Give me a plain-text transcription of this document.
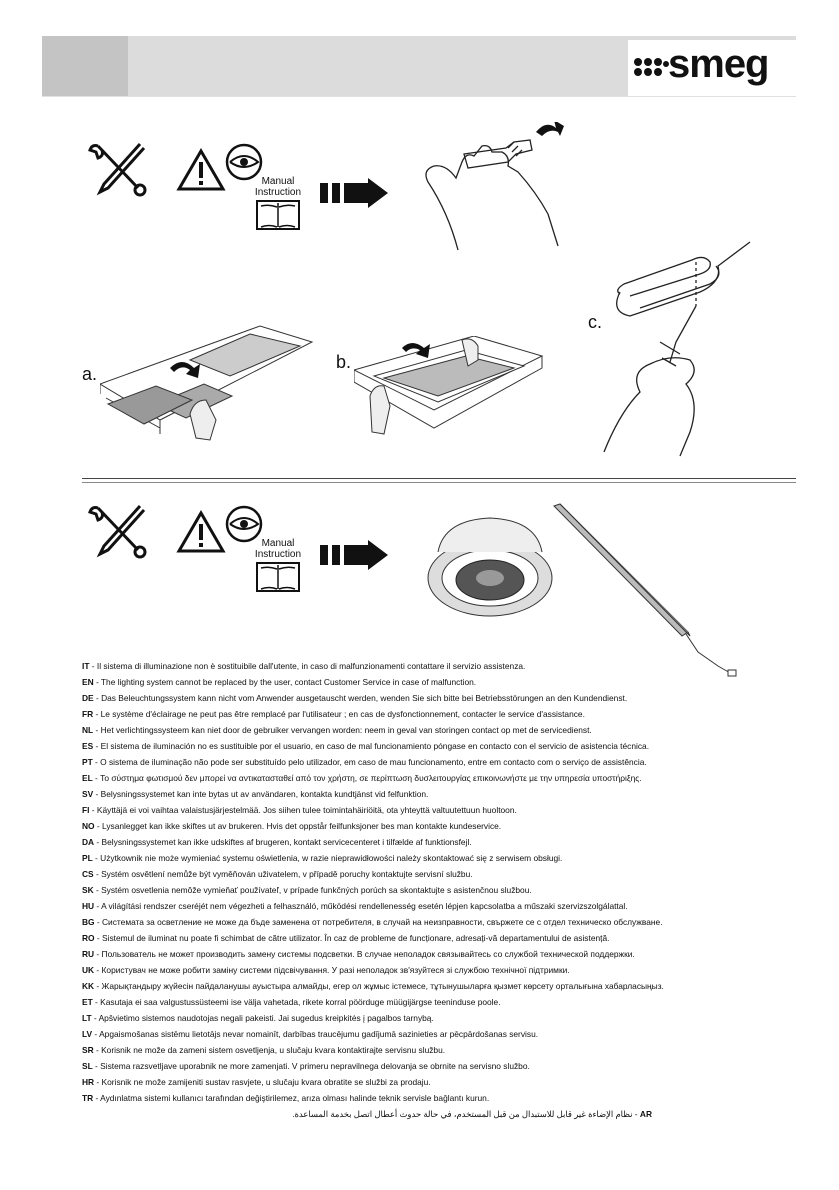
smeg
Manual
Instruction
c.
a.
b.
Manual
Instruction
IT - Il sistema di illuminazione non è sostituibile dall'utente, in caso di malfunzionamenti contattare il servizio assistenza.
EN - The lighting system cannot be replaced by the user, contact Customer Service in case of malfunction.
DE - Das Beleuchtungssystem kann nicht vom Anwender ausgetauscht werden, wenden Sie sich bitte bei Betriebsstörungen an den Kundendienst.
FR - Le système d'éclairage ne peut pas être remplacé par l'utilisateur ; en cas de dysfonctionnement, contacter le service d'assistance.
NL - Het verlichtingssysteem kan niet door de gebruiker vervangen worden: neem in geval van storingen contact op met de servicedienst.
ES - El sistema de iluminación no es sustituible por el usuario, en caso de mal funcionamiento póngase en contacto con el servicio de asistencia técnica.
PT - O sistema de iluminação não pode ser substituído pelo utilizador, em caso de mau funcionamento, entre em contacto com o serviço de assistência.
EL - Το σύστημα φωτισμού δεν μπορεί να αντικατασταθεί από τον χρήστη, σε περίπτωση δυσλειτουργίας επικοινωνήστε με την υπηρεσία υποστήριξης.
SV - Belysningssystemet kan inte bytas ut av användaren, kontakta kundtjänst vid felfunktion.
FI - Käyttäjä ei voi vaihtaa valaistusjärjestelmää. Jos siihen tulee toimintahäiriöitä, ota yhteyttä valtuutettuun huoltoon.
NO - Lysanlegget kan ikke skiftes ut av brukeren. Hvis det oppstår feilfunksjoner bes man kontakte kundeservice.
DA - Belysningssystemet kan ikke udskiftes af brugeren, kontakt servicecenteret i tilfælde af funktionsfejl.
PL - Użytkownik nie może wymieniać systemu oświetlenia, w razie nieprawidłowości należy skontaktować się z serwisem obsługi.
CS - Systém osvětlení nemůže být vyměňován uživatelem, v případě poruchy kontaktujte servisní službu.
SK - Systém osvetlenia nemôže vymieňať používateľ, v prípade funkčných porúch sa skontaktujte s asistenčnou službou.
HU - A világítási rendszer cseréjét nem végezheti a felhasználó, működési rendellenesség esetén lépjen kapcsolatba a műszaki szervizszolgálattal.
BG - Системата за осветление не може да бъде заменена от потребителя, в случай на неизправности, свържете се с отдел техническо обслужване.
RO - Sistemul de iluminat nu poate fi schimbat de către utilizator. În caz de probleme de funcționare, adresați-vă departamentului de asistență.
RU - Пользователь не может производить замену системы подсветки. В случае неполадок связывайтесь со службой технической поддержки.
UK - Користувач не може робити заміну системи підсвічування. У разі неполадок зв'язуйтеся зі службою технічної підтримки.
KK - Жарықтандыру жүйесін пайдаланушы ауыстыра алмайды, егер ол жұмыс істемесе, тұтынушыларға қызмет көрсету орталығына хабарласыңыз.
ET - Kasutaja ei saa valgustussüsteemi ise välja vahetada, rikete korral pöörduge müügijärgse teeninduse poole.
LT - Apšvietimo sistemos naudotojas negali pakeisti. Jai sugedus kreipkitės į pagalbos tarnybą.
LV - Apgaismošanas sistēmu lietotājs nevar nomainīt, darbības traucējumu gadījumā sazinieties ar pēcpārdošanas servisu.
SR - Korisnik ne može da zameni sistem osvetljenja, u slučaju kvara kontaktirajte servisnu službu.
SL - Sistema razsvetljave uporabnik ne more zamenjati. V primeru nepravilnega delovanja se obrnite na servisno službo.
HR - Korisnik ne može zamijeniti sustav rasvjete, u slučaju kvara obratite se službi za prodaju.
TR - Aydınlatma sistemi kullanıcı tarafından değiştirilemez, arıza olması halinde teknik servisle bağlantı kurun.
نظام الإضاءة غير قابل للاستبدال من قبل المستخدم، في حالة حدوث أعطال اتصل بخدمة المساعدة. - AR
